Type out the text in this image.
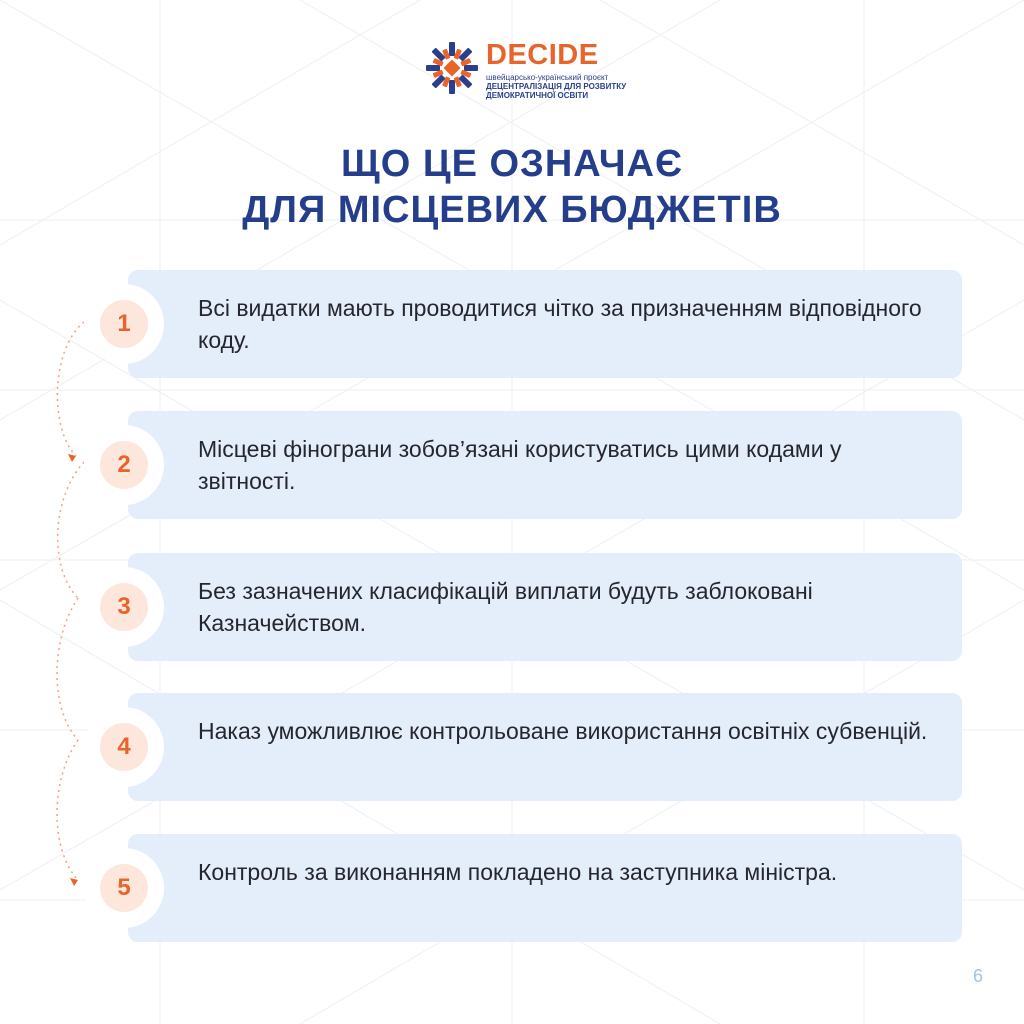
DECIDE
швейцарсько-український проєкт
ДЕЦЕНТРАЛІЗАЦІЯ ДЛЯ РОЗВИТКУ
ДЕМОКРАТИЧНОЇ ОСВІТИ
ЩО ЦЕ ОЗНАЧАЄ
ДЛЯ МІСЦЕВИХ БЮДЖЕТІВ
Всі видатки мають проводитися чітко за призначенням відповідного коду.
1
Місцеві фінограни зобов’язані користуватись цими кодами у звітності.
2
Без зазначених класифікацій виплати будуть заблоковані Казначейством.
3
Наказ уможливлює контрольоване використання освітніх субвенцій.
4
Контроль за виконанням покладено на заступника міністра.
5
6
